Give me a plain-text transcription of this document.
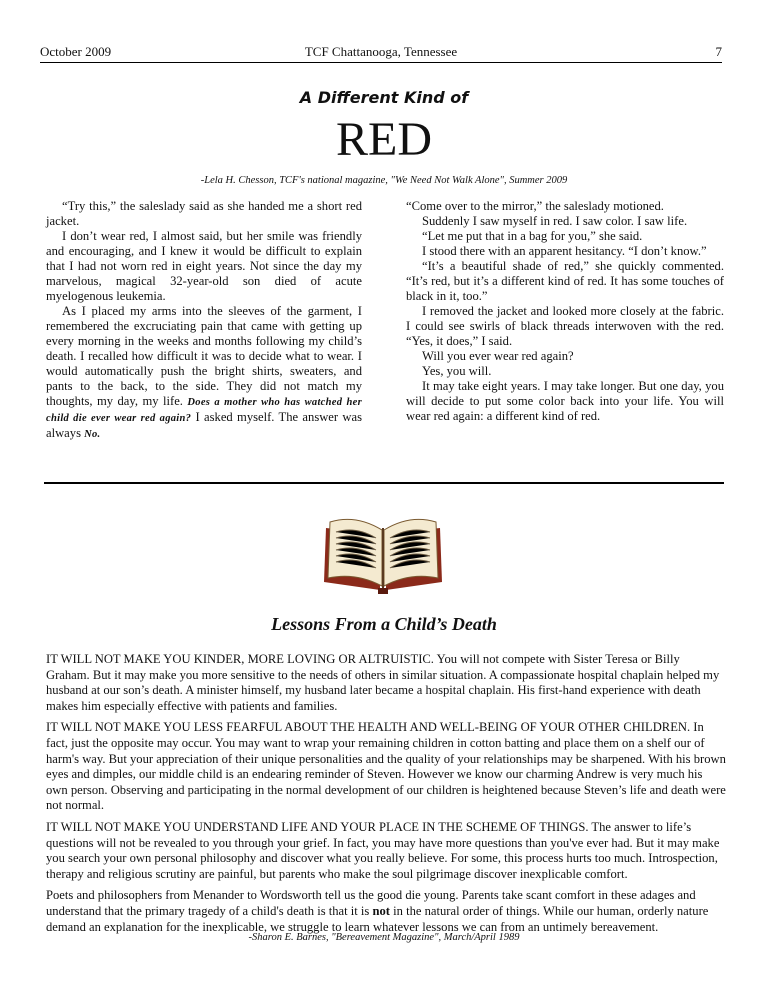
October 2009	TCF Chattanooga, Tennessee	7
A Different Kind of
RED
-Lela H. Chesson, TCF's national magazine, "We Need Not Walk Alone", Summer 2009

“Try this,” the saleslady said as she handed me a short red jacket.

I don’t wear red, I almost said, but her smile was friendly and encouraging, and I knew it would be difficult to explain that I had not worn red in eight years. Not since the day my marvelous, magical 32-year-old son died of acute myelogenous leukemia.

As I placed my arms into the sleeves of the garment, I remembered the excruciating pain that came with getting up every morning in the weeks and months following my child’s death. I recalled how difficult it was to decide what to wear. I would automatically push the bright shirts, sweaters, and pants to the back, to the side. They did not match my thoughts, my day, my life. Does a mother who has watched her child die ever wear red again? I asked myself. The answer was always No.

“Come over to the mirror,” the saleslady motioned.

Suddenly I saw myself in red. I saw color. I saw life.

“Let me put that in a bag for you,” she said.

I stood there with an apparent hesitancy. “I don’t know.”

“It’s a beautiful shade of red,” she quickly commented. “It’s red, but it’s a different kind of red. It has some touches of black in it, too.”

I removed the jacket and looked more closely at the fabric. I could see swirls of black threads interwoven with the red. “Yes, it does,” I said.

Will you ever wear red again?

Yes, you will.

It may take eight years. I may take longer. But one day, you will decide to put some color back into your life. You will wear red again: a different kind of red.

Lessons From a Child’s Death

IT WILL NOT MAKE YOU KINDER, MORE LOVING OR ALTRUISTIC. You will not compete with Sister Teresa or Billy Graham. But it may make you more sensitive to the needs of others in similar situation. A compassionate hospital chaplain helped my husband at our son’s death. A minister himself, my husband later became a hospital chaplain. His first-hand experience with death makes him especially effective with patients and families.

IT WILL NOT MAKE YOU LESS FEARFUL ABOUT THE HEALTH AND WELL-BEING OF YOUR OTHER CHILDREN. In fact, just the opposite may occur. You may want to wrap your remaining children in cotton batting and place them on a shelf our of harm's way. But your appreciation of their unique personalities and the quality of your relationships may be sharpened. With his brown eyes and dimples, our middle child is an endearing reminder of Steven. However we know our charming Andrew is very much his own person. Observing and participating in the normal development of our children is heightened because Steven’s life and death were not normal.

IT WILL NOT MAKE YOU UNDERSTAND LIFE AND YOUR PLACE IN THE SCHEME OF THINGS. The answer to life’s questions will not be revealed to you through your grief. In fact, you may have more questions than you've ever had. But it may make you search your own personal philosophy and discover what you really believe. For some, this process hurts too much. Introspection, therapy and religious scrutiny are painful, but parents who make the soul pilgrimage discover inexplicable comfort.

Poets and philosophers from Menander to Wordsworth tell us the good die young. Parents take scant comfort in these adages and understand that the primary tragedy of a child's death is that it is not in the natural order of things. While our human, orderly nature demand an explanation for the inexplicable, we struggle to learn whatever lessons we can from an untimely bereavement.

-Sharon E. Barnes, "Bereavement Magazine", March/April 1989
